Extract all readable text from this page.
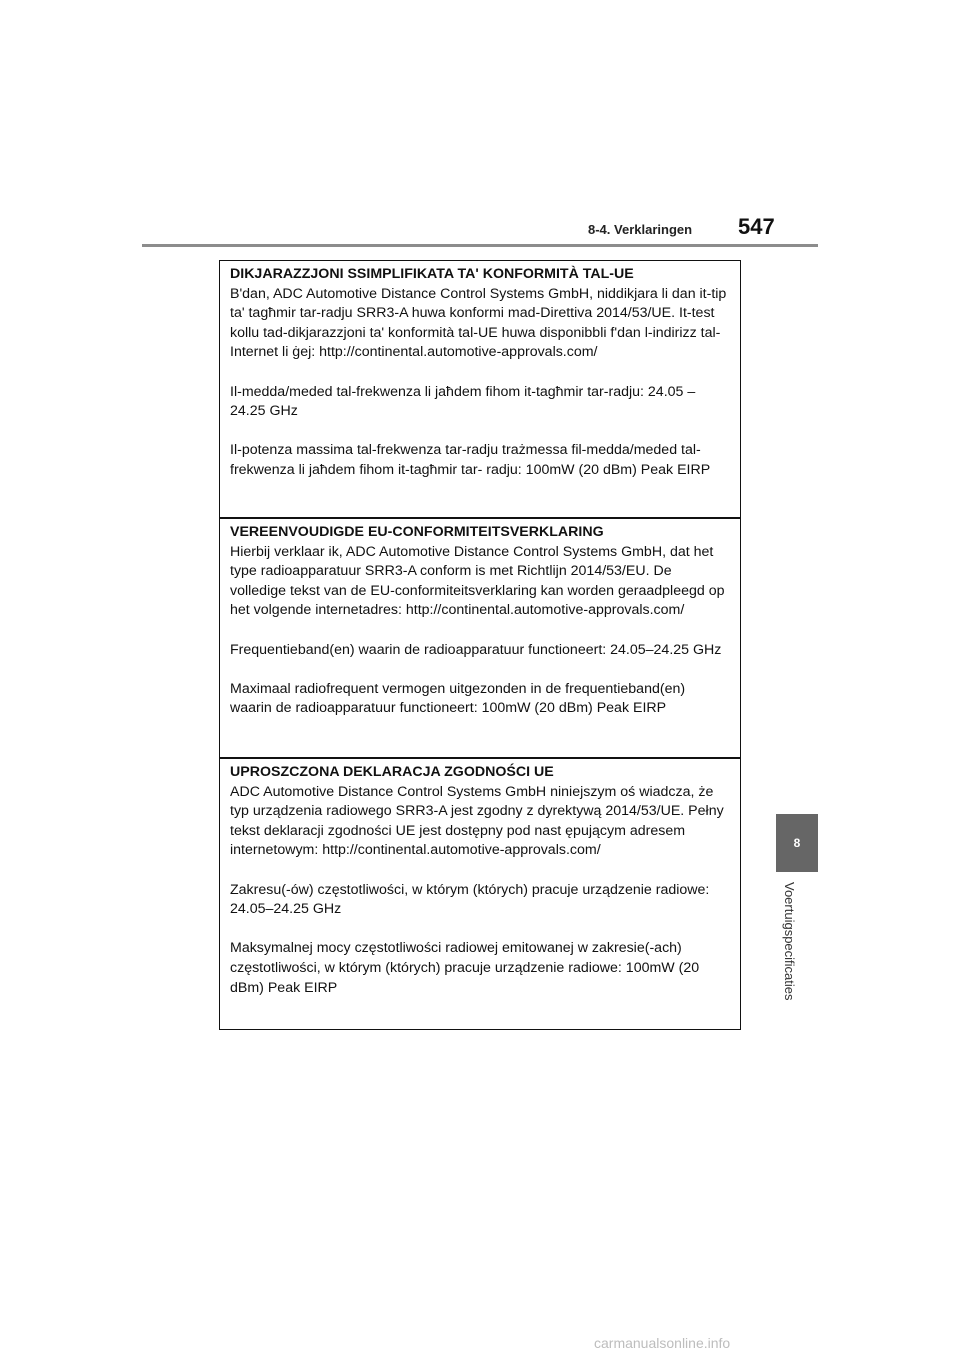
8-4. Verklaringen 547
8
Voertuigspecificaties
DIKJARAZZJONI SSIMPLIFIKATA TA' KONFORMITÀ TAL-UE

B'dan, ADC Automotive Distance Control Systems GmbH, niddikjara li dan it-tip ta' tagħmir tar-radju SRR3-A huwa konformi mad-Direttiva 2014/53/UE. It-test kollu tad-dikjarazzjoni ta' konformità tal-UE huwa disponibbli f'dan l-indirizz tal-Internet li ġej: http://continental.automotive-approvals.com/

Il-medda/meded tal-frekwenza li jaħdem fihom it-tagħmir tar-radju: 24.05 –24.25 GHz

Il-potenza massima tal-frekwenza tar-radju trażmessa fil-medda/meded tal-frekwenza li jaħdem fihom it-tagħmir tar- radju: 100mW (20 dBm) Peak EIRP

VEREENVOUDIGDE EU-CONFORMITEITSVERKLARING

Hierbij verklaar ik, ADC Automotive Distance Control Systems GmbH, dat het type radioapparatuur SRR3-A conform is met Richtlijn 2014/53/EU. De volledige tekst van de EU-conformiteitsverklaring kan worden geraadpleegd op het volgende internetadres: http://continental.automotive-approvals.com/

Frequentieband(en) waarin de radioapparatuur functioneert: 24.05–24.25 GHz

Maximaal radiofrequent vermogen uitgezonden in de frequentieband(en) waarin de radioapparatuur functioneert: 100mW (20 dBm) Peak EIRP

UPROSZCZONA DEKLARACJA ZGODNOŚCI UE

ADC Automotive Distance Control Systems GmbH niniejszym oś wiadcza, że typ urządzenia radiowego SRR3-A jest zgodny z dyrektywą 2014/53/UE. Pełny tekst deklaracji zgodności UE jest dostępny pod nast ępującym adresem internetowym: http://continental.automotive-approvals.com/

Zakresu(-ów) częstotliwości, w którym (których) pracuje urządzenie radiowe: 24.05–24.25 GHz

Maksymalnej mocy częstotliwości radiowej emitowanej w zakresie(-ach) częstotliwości, w którym (których) pracuje urządzenie radiowe: 100mW (20 dBm) Peak EIRP

carmanualsonline.info
